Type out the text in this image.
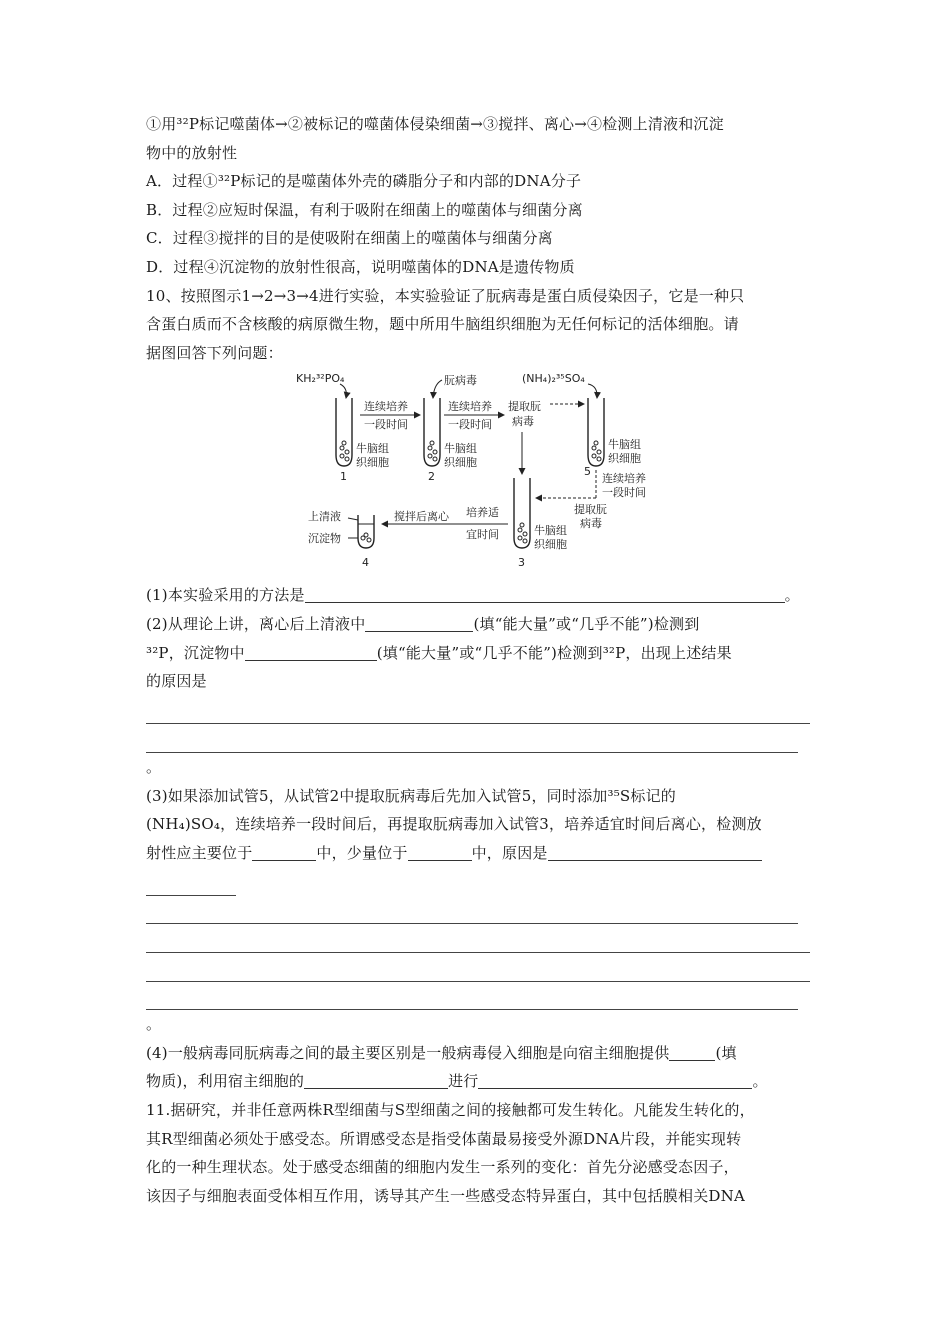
①用³²P标记噬菌体→②被标记的噬菌体侵染细菌→③搅拌、离心→④检测上清液和沉淀
物中的放射性
A．过程①³²P标记的是噬菌体外壳的磷脂分子和内部的DNA分子
B．过程②应短时保温，有利于吸附在细菌上的噬菌体与细菌分离
C．过程③搅拌的目的是使吸附在细菌上的噬菌体与细菌分离
D．过程④沉淀物的放射性很高，说明噬菌体的DNA是遗传物质
10、按照图示1→2→3→4进行实验，本实验验证了朊病毒是蛋白质侵染因子，它是一种只
含蛋白质而不含核酸的病原微生物，题中所用牛脑组织细胞为无任何标记的活体细胞。请
据图回答下列问题：
KH₂³²PO₄	朊病毒	(NH₄)₂³⁵SO₄
连续培养
一段时间
连续培养
一段时间
提取朊
病毒
牛脑组
织细胞
牛脑组
织细胞
牛脑组
织细胞
1	2	5
连续培养
一段时间
提取朊
病毒
牛脑组
织细胞
3
培养适
宜时间
搅拌后离心
上清液
沉淀物
4
(1)本实验采用的方法是	。
(2)从理论上讲，离心后上清液中	(填“能大量”或“几乎不能”)检测到
³²P，沉淀物中	(填“能大量”或“几乎不能”)检测到³²P，出现上述结果
的原因是
。
(3)如果添加试管5，从试管2中提取朊病毒后先加入试管5，同时添加³⁵S标记的
(NH₄)SO₄，连续培养一段时间后，再提取朊病毒加入试管3，培养适宜时间后离心，检测放
射性应主要位于	中，少量位于	中，原因是
。
(4)一般病毒同朊病毒之间的最主要区别是一般病毒侵入细胞是向宿主细胞提供	(填
物质)，利用宿主细胞的	进行	。
11.据研究，并非任意两株R型细菌与S型细菌之间的接触都可发生转化。凡能发生转化的，
其R型细菌必须处于感受态。所谓感受态是指受体菌最易接受外源DNA片段，并能实现转
化的一种生理状态。处于感受态细菌的细胞内发生一系列的变化：首先分泌感受态因子，
该因子与细胞表面受体相互作用，诱导其产生一些感受态特异蛋白，其中包括膜相关DNA
